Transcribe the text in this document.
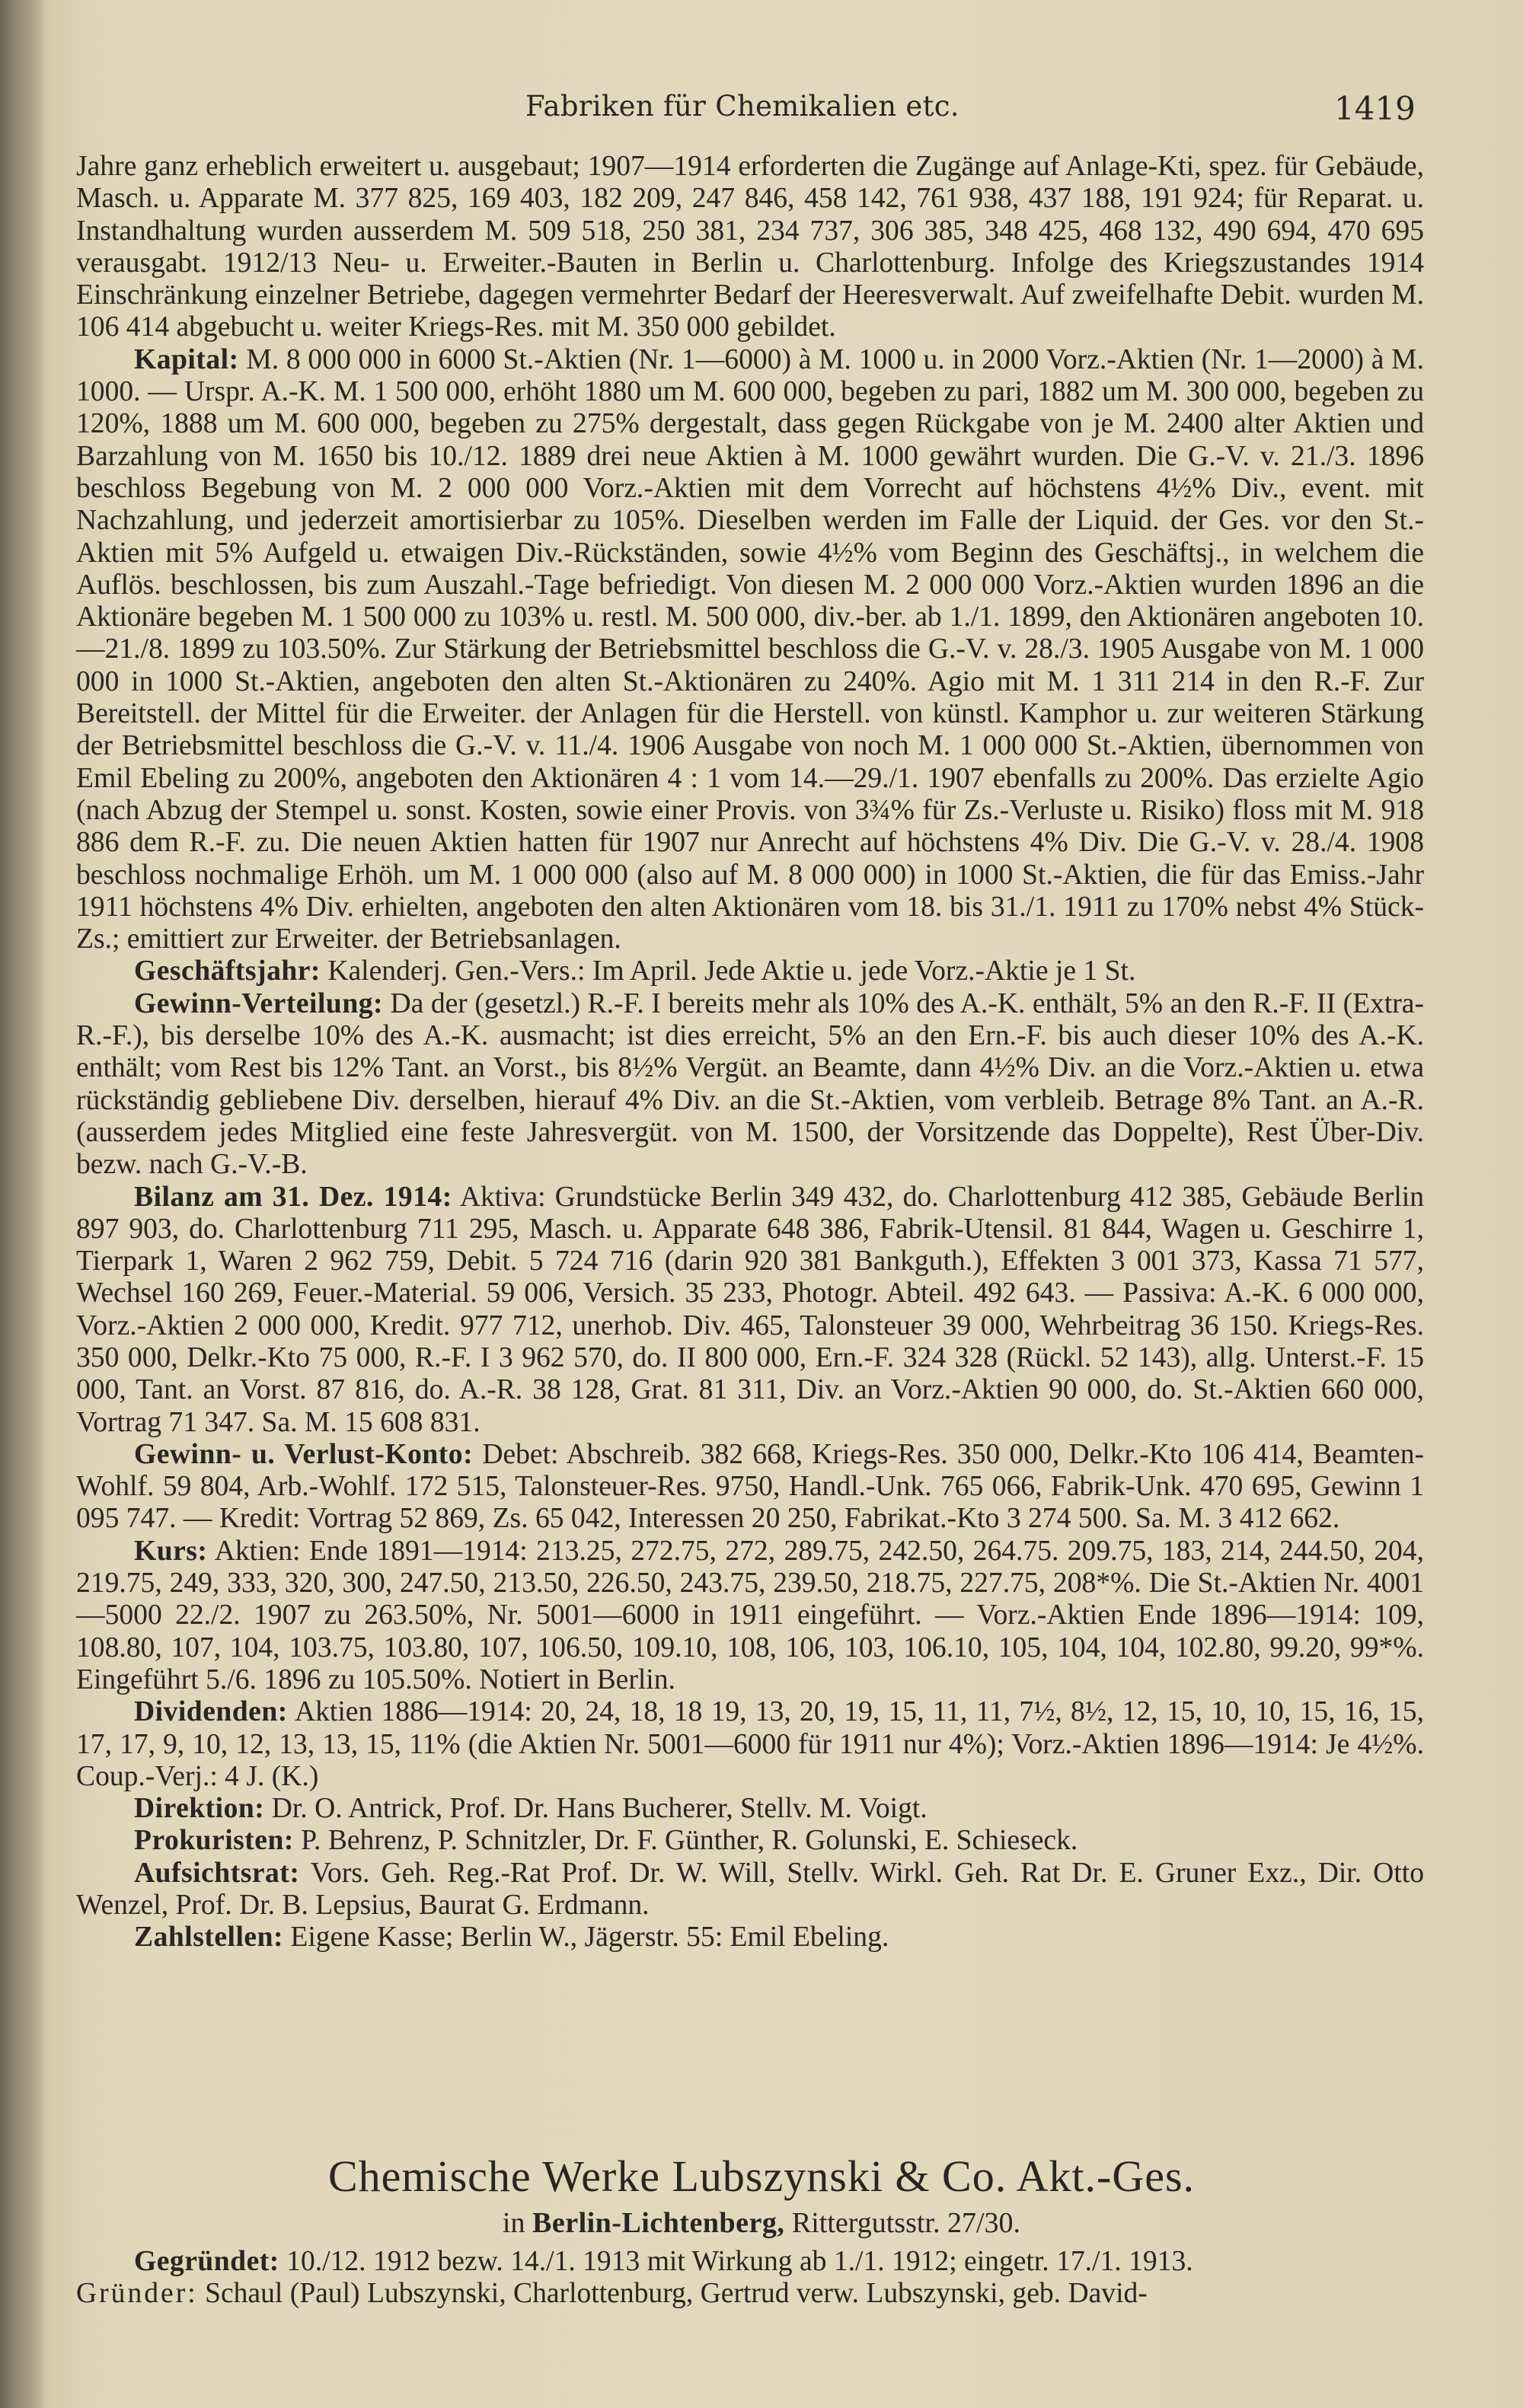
Fabriken für Chemikalien etc.	1419

Jahre ganz erheblich erweitert u. ausgebaut; 1907—1914 erforderten die Zugänge auf Anlage-Kti, spez. für Gebäude, Masch. u. Apparate M. 377 825, 169 403, 182 209, 247 846, 458 142, 761 938, 437 188, 191 924; für Reparat. u. Instandhaltung wurden ausserdem M. 509 518, 250 381, 234 737, 306 385, 348 425, 468 132, 490 694, 470 695 verausgabt. 1912/13 Neu- u. Erweiter.-Bauten in Berlin u. Charlottenburg. Infolge des Kriegszustandes 1914 Einschränkung einzelner Betriebe, dagegen vermehrter Bedarf der Heeresverwalt. Auf zweifelhafte Debit. wurden M. 106 414 abgebucht u. weiter Kriegs-Res. mit M. 350 000 gebildet.

Kapital: M. 8 000 000 in 6000 St.-Aktien (Nr. 1—6000) à M. 1000 u. in 2000 Vorz.-Aktien (Nr. 1—2000) à M. 1000. — Urspr. A.-K. M. 1 500 000, erhöht 1880 um M. 600 000, begeben zu pari, 1882 um M. 300 000, begeben zu 120%, 1888 um M. 600 000, begeben zu 275% dergestalt, dass gegen Rückgabe von je M. 2400 alter Aktien und Barzahlung von M. 1650 bis 10./12. 1889 drei neue Aktien à M. 1000 gewährt wurden. Die G.-V. v. 21./3. 1896 beschloss Begebung von M. 2 000 000 Vorz.-Aktien mit dem Vorrecht auf höchstens 4½% Div., event. mit Nachzahlung, und jederzeit amortisierbar zu 105%. Dieselben werden im Falle der Liquid. der Ges. vor den St.-Aktien mit 5% Aufgeld u. etwaigen Div.-Rückständen, sowie 4½% vom Beginn des Geschäftsj., in welchem die Auflös. beschlossen, bis zum Auszahl.-Tage befriedigt. Von diesen M. 2 000 000 Vorz.-Aktien wurden 1896 an die Aktionäre begeben M. 1 500 000 zu 103% u. restl. M. 500 000, div.-ber. ab 1./1. 1899, den Aktionären angeboten 10.—21./8. 1899 zu 103.50%. Zur Stärkung der Betriebsmittel beschloss die G.-V. v. 28./3. 1905 Ausgabe von M. 1 000 000 in 1000 St.-Aktien, angeboten den alten St.-Aktionären zu 240%. Agio mit M. 1 311 214 in den R.-F. Zur Bereitstell. der Mittel für die Erweiter. der Anlagen für die Herstell. von künstl. Kamphor u. zur weiteren Stärkung der Betriebsmittel beschloss die G.-V. v. 11./4. 1906 Ausgabe von noch M. 1 000 000 St.-Aktien, übernommen von Emil Ebeling zu 200%, angeboten den Aktionären 4 : 1 vom 14.—29./1. 1907 ebenfalls zu 200%. Das erzielte Agio (nach Abzug der Stempel u. sonst. Kosten, sowie einer Provis. von 3¾% für Zs.-Verluste u. Risiko) floss mit M. 918 886 dem R.-F. zu. Die neuen Aktien hatten für 1907 nur Anrecht auf höchstens 4% Div. Die G.-V. v. 28./4. 1908 beschloss nochmalige Erhöh. um M. 1 000 000 (also auf M. 8 000 000) in 1000 St.-Aktien, die für das Emiss.-Jahr 1911 höchstens 4% Div. erhielten, angeboten den alten Aktionären vom 18. bis 31./1. 1911 zu 170% nebst 4% Stück-Zs.; emittiert zur Erweiter. der Betriebsanlagen.

Geschäftsjahr: Kalenderj. Gen.-Vers.: Im April. Jede Aktie u. jede Vorz.-Aktie je 1 St.

Gewinn-Verteilung: Da der (gesetzl.) R.-F. I bereits mehr als 10% des A.-K. enthält, 5% an den R.-F. II (Extra-R.-F.), bis derselbe 10% des A.-K. ausmacht; ist dies erreicht, 5% an den Ern.-F. bis auch dieser 10% des A.-K. enthält; vom Rest bis 12% Tant. an Vorst., bis 8½% Vergüt. an Beamte, dann 4½% Div. an die Vorz.-Aktien u. etwa rückständig gebliebene Div. derselben, hierauf 4% Div. an die St.-Aktien, vom verbleib. Betrage 8% Tant. an A.-R. (ausserdem jedes Mitglied eine feste Jahresvergüt. von M. 1500, der Vorsitzende das Doppelte), Rest Über-Div. bezw. nach G.-V.-B.

Bilanz am 31. Dez. 1914: Aktiva: Grundstücke Berlin 349 432, do. Charlottenburg 412 385, Gebäude Berlin 897 903, do. Charlottenburg 711 295, Masch. u. Apparate 648 386, Fabrik-Utensil. 81 844, Wagen u. Geschirre 1, Tierpark 1, Waren 2 962 759, Debit. 5 724 716 (darin 920 381 Bankguth.), Effekten 3 001 373, Kassa 71 577, Wechsel 160 269, Feuer.-Material. 59 006, Versich. 35 233, Photogr. Abteil. 492 643. — Passiva: A.-K. 6 000 000, Vorz.-Aktien 2 000 000, Kredit. 977 712, unerhob. Div. 465, Talonsteuer 39 000, Wehrbeitrag 36 150. Kriegs-Res. 350 000, Delkr.-Kto 75 000, R.-F. I 3 962 570, do. II 800 000, Ern.-F. 324 328 (Rückl. 52 143), allg. Unterst.-F. 15 000, Tant. an Vorst. 87 816, do. A.-R. 38 128, Grat. 81 311, Div. an Vorz.-Aktien 90 000, do. St.-Aktien 660 000, Vortrag 71 347. Sa. M. 15 608 831.

Gewinn- u. Verlust-Konto: Debet: Abschreib. 382 668, Kriegs-Res. 350 000, Delkr.-Kto 106 414, Beamten-Wohlf. 59 804, Arb.-Wohlf. 172 515, Talonsteuer-Res. 9750, Handl.-Unk. 765 066, Fabrik-Unk. 470 695, Gewinn 1 095 747. — Kredit: Vortrag 52 869, Zs. 65 042, Interessen 20 250, Fabrikat.-Kto 3 274 500. Sa. M. 3 412 662.

Kurs: Aktien: Ende 1891—1914: 213.25, 272.75, 272, 289.75, 242.50, 264.75. 209.75, 183, 214, 244.50, 204, 219.75, 249, 333, 320, 300, 247.50, 213.50, 226.50, 243.75, 239.50, 218.75, 227.75, 208*%. Die St.-Aktien Nr. 4001—5000 22./2. 1907 zu 263.50%, Nr. 5001—6000 in 1911 eingeführt. — Vorz.-Aktien Ende 1896—1914: 109, 108.80, 107, 104, 103.75, 103.80, 107, 106.50, 109.10, 108, 106, 103, 106.10, 105, 104, 104, 102.80, 99.20, 99*%. Eingeführt 5./6. 1896 zu 105.50%. Notiert in Berlin.

Dividenden: Aktien 1886—1914: 20, 24, 18, 18 19, 13, 20, 19, 15, 11, 11, 7½, 8½, 12, 15, 10, 10, 15, 16, 15, 17, 17, 9, 10, 12, 13, 13, 15, 11% (die Aktien Nr. 5001—6000 für 1911 nur 4%); Vorz.-Aktien 1896—1914: Je 4½%. Coup.-Verj.: 4 J. (K.)

Direktion: Dr. O. Antrick, Prof. Dr. Hans Bucherer, Stellv. M. Voigt.

Prokuristen: P. Behrenz, P. Schnitzler, Dr. F. Günther, R. Golunski, E. Schieseck.

Aufsichtsrat: Vors. Geh. Reg.-Rat Prof. Dr. W. Will, Stellv. Wirkl. Geh. Rat Dr. E. Gruner Exz., Dir. Otto Wenzel, Prof. Dr. B. Lepsius, Baurat G. Erdmann.

Zahlstellen: Eigene Kasse; Berlin W., Jägerstr. 55: Emil Ebeling.

Chemische Werke Lubszynski & Co. Akt.-Ges.
in Berlin-Lichtenberg, Rittergutsstr. 27/30.

Gegründet: 10./12. 1912 bezw. 14./1. 1913 mit Wirkung ab 1./1. 1912; eingetr. 17./1. 1913.

Gründer: Schaul (Paul) Lubszynski, Charlottenburg, Gertrud verw. Lubszynski, geb. David-
